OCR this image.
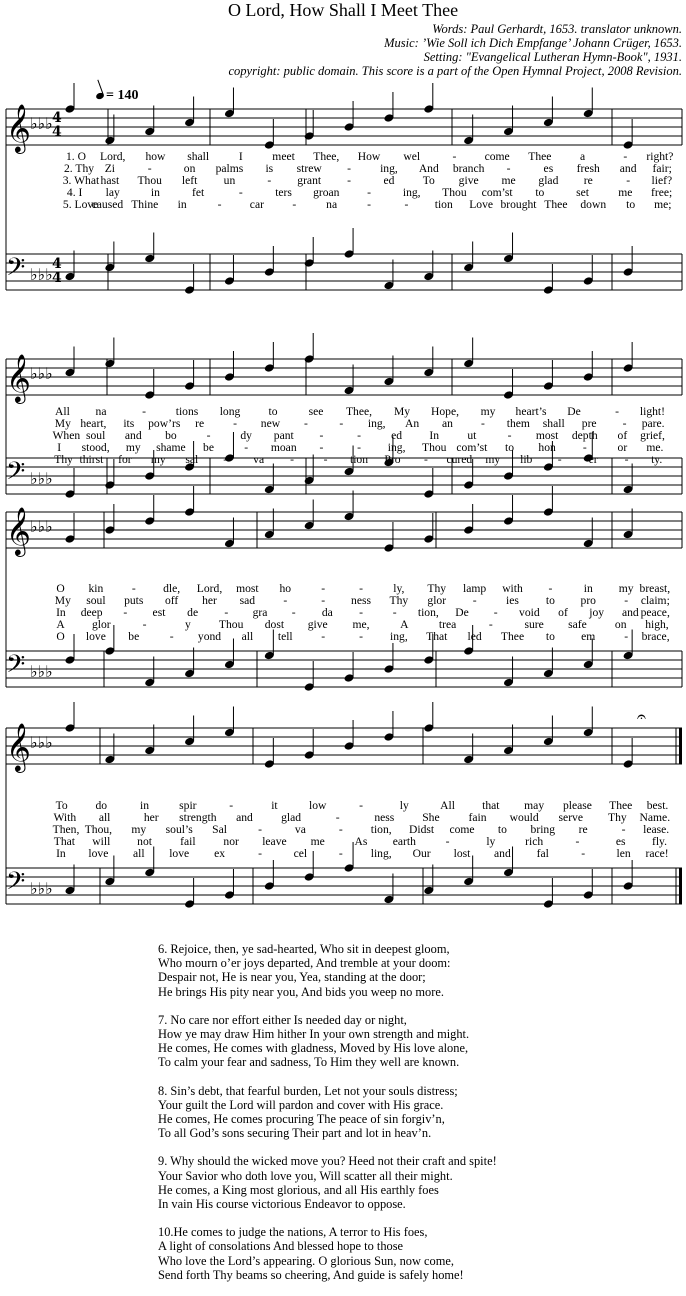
O Lord, How Shall I Meet Thee
Words: Paul Gerhardt, 1653. translator unknown.
Music: ’Wie Soll ich Dich Empfange’ Johann Crüger, 1653.
Setting: "Evangelical Lutheran Hymn-Book", 1931.
copyright: public domain. This score is a part of the Open Hymnal Project, 2008 Revision.
= 140
𝄞 ♭♭♭
𝄢 ♭♭♭
𝄞 ♭♭♭
𝄢 ♭♭♭
𝄞 ♭♭♭
𝄢 ♭♭♭
𝄞 ♭♭♭
𝄢 ♭♭♭
𝄐
4
4
4
4
1. O Lord, how shall	I	meet Thee, How wel	- come Thee a	- right?
2. Thy Zi	-	on palms is strew -	ing, And branch -	es fresh and fair;
3. What hast Thou left un	- grant -	ed To give me glad re	- lief?
4. I lay	in	fet	-	ters groan -	ing, Thou com’st to	set	me free;
5. Love
caused Thine in	- car -	na	-	- tion Love brought Thee down to me;
All na	-	tions long to	see Thee, My Hope, my heart’s De	- light!
My heart, its pow’rs re - new -	- ing, An an - them shall pre - pare.
When soul and bo	-	dy pant -	-	ed In ut	- most depth of grief,
I stood, my shame be	- moan -	- ing, Thou com’st to hon -	or me.
Thy thirst for my sal - va -	- tion Pro - cured my lib - er - ty.
O kin - dle, Lord, most ho	-	-	ly, Thy lamp with -	in my breast,
My soul puts off her sad -	- ness Thy glor -	ies to pro - claim;
In deep - est de - gra - da -	- tion, De - void of joy and peace,
A glor	-	y Thou dost give me,	A	trea	-	sure safe on high,
O love be	- yond all tell -	- ing, That led Thee to em - brace,
To do	in	spir	-	it	low	-	ly	All that may please Thee best.
With all	her strength and glad	-	ness She fain would serve Thy Name.
Then, Thou, my soul’s Sal	-	va	- tion, Didst come to bring re	- lease.
That will not fail nor leave me	As earth	-	ly	rich	-	es fly.
In love all love ex	-	cel	- ling, Our lost and fal	-	len race!
6. Rejoice, then, ye sad-hearted, Who sit in deepest gloom,
Who mourn o’er joys departed, And tremble at your doom:
Despair not, He is near you, Yea, standing at the door;
He brings His pity near you, And bids you weep no more.
7. No care nor effort either Is needed day or night,
How ye may draw Him hither In your own strength and might.
He comes, He comes with gladness, Moved by His love alone,
To calm your fear and sadness, To Him they well are known.
8. Sin’s debt, that fearful burden, Let not your souls distress;
Your guilt the Lord will pardon and cover with His grace.
He comes, He comes procuring The peace of sin forgiv’n,
To all God’s sons securing Their part and lot in heav’n.
9. Why should the wicked move you? Heed not their craft and spite!
Your Savior who doth love you, Will scatter all their might.
He comes, a King most glorious, and all His earthly foes
In vain His course victorious Endeavor to oppose.
10.He comes to judge the nations, A terror to His foes,
A light of consolations And blessed hope to those
Who love the Lord’s appearing. O glorious Sun, now come,
Send forth Thy beams so cheering, And guide is safely home!
